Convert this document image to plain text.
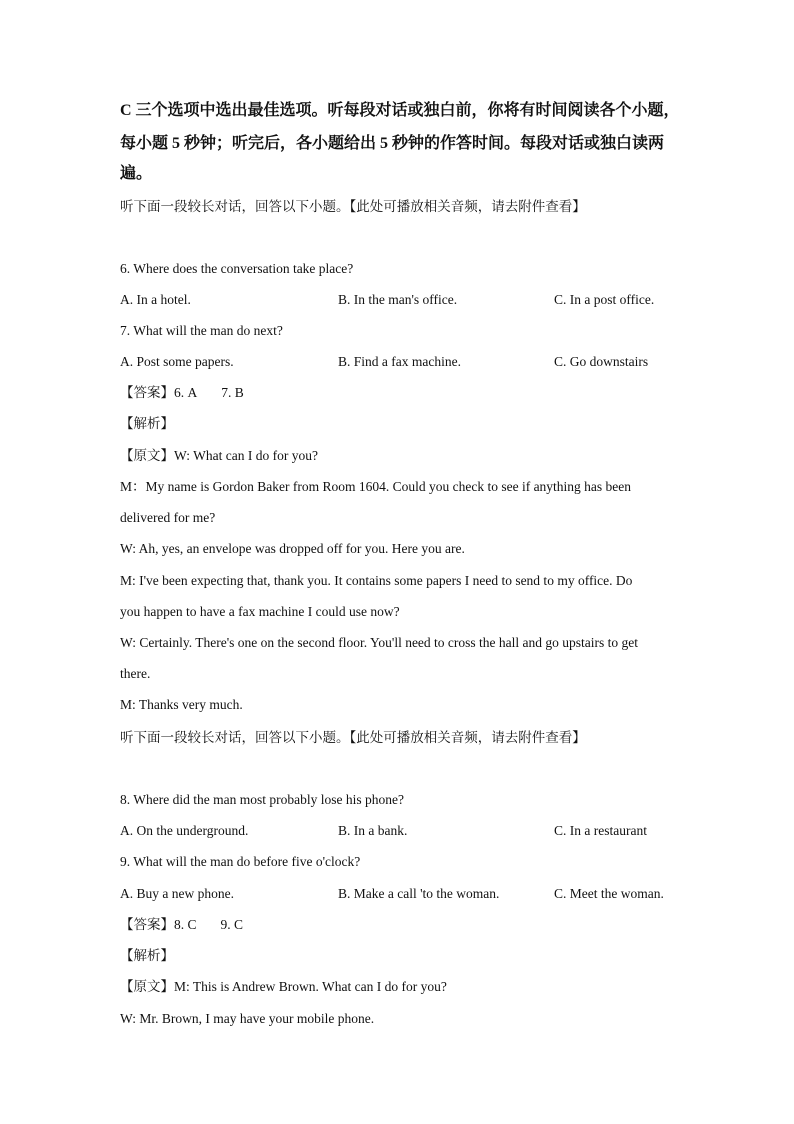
C 三个选项中选出最佳选项。听每段对话或独白前，你将有时间阅读各个小题，
每小题 5 秒钟；听完后，各小题给出 5 秒钟的作答时间。每段对话或独白读两
遍。
听下面一段较长对话，回答以下小题。【此处可播放相关音频，请去附件查看】
6. Where does the conversation take place?
A. In a hotel.	B. In the man's office.	C. In a post office.
7. What will the man do next?
A. Post some papers.	B. Find a fax machine.	C. Go downstairs
【答案】6. A 7. B
【解析】
【原文】W: What can I do for you?
M：My name is Gordon Baker from Room 1604. Could you check to see if anything has been
delivered for me?
W: Ah, yes, an envelope was dropped off for you. Here you are.
M: I've been expecting that, thank you. It contains some papers I need to send to my office. Do
you happen to have a fax machine I could use now?
W: Certainly. There's one on the second floor. You'll need to cross the hall and go upstairs to get
there.
M: Thanks very much.
听下面一段较长对话，回答以下小题。【此处可播放相关音频，请去附件查看】
8. Where did the man most probably lose his phone?
A. On the underground.	B. In a bank.	C. In a restaurant
9. What will the man do before five o'clock?
A. Buy a new phone.	B. Make a call 'to the woman.	C. Meet the woman.
【答案】8. C 9. C
【解析】
【原文】M: This is Andrew Brown. What can I do for you?
W: Mr. Brown, I may have your mobile phone.
